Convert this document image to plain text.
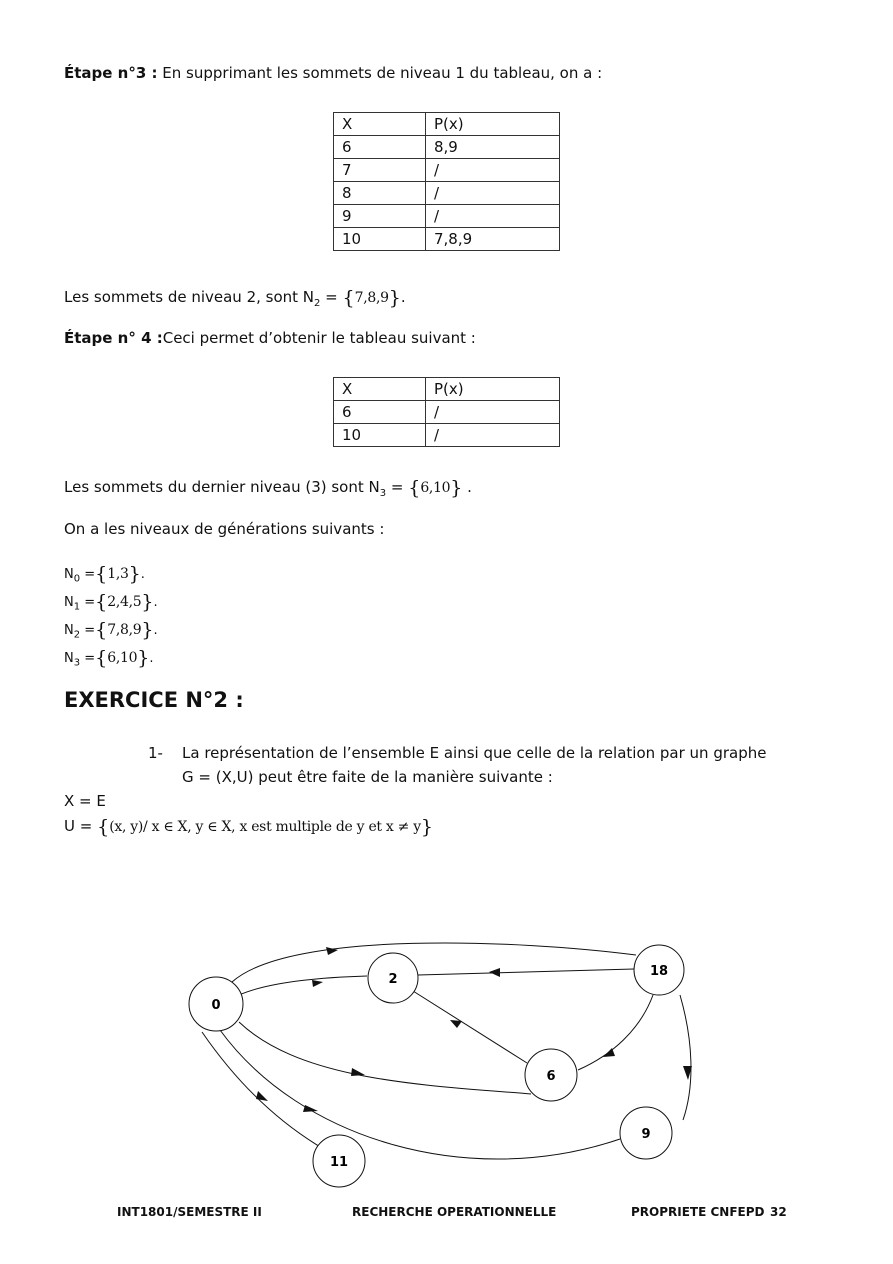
Étape n°3 : En supprimant les sommets de niveau 1 du tableau, on a :
X	P(x)
6	8,9
7	/
8	/
9	/
10	7,8,9
Les sommets de niveau 2, sont $N_2 = \{7,8,9\}$.
Étape n° 4 :Ceci permet d’obtenir le tableau suivant :
X	P(x)
6	/
10	/
Les sommets du dernier niveau (3) sont $N_3 = \{6,10\}$ .
On a les niveaux de générations suivants :
$N_0 =\{1,3\}$.
$N_1 =\{2,4,5\}$.
$N_2 =\{7,8,9\}$.
$N_3 =\{6,10\}$.
EXERCICE N°2 :
1- La représentation de l’ensemble E ainsi que celle de la relation par un graphe
G = (X,U) peut être faite de la manière suivante :
X = E
U = {(x, y)/ x ∈ X, y ∈ X, x est multiple de y et x ≠ y}
0
2
18
6
9
11
INT1801/SEMESTRE II	RECHERCHE OPERATIONNELLE	PROPRIETE CNFEPD 32
